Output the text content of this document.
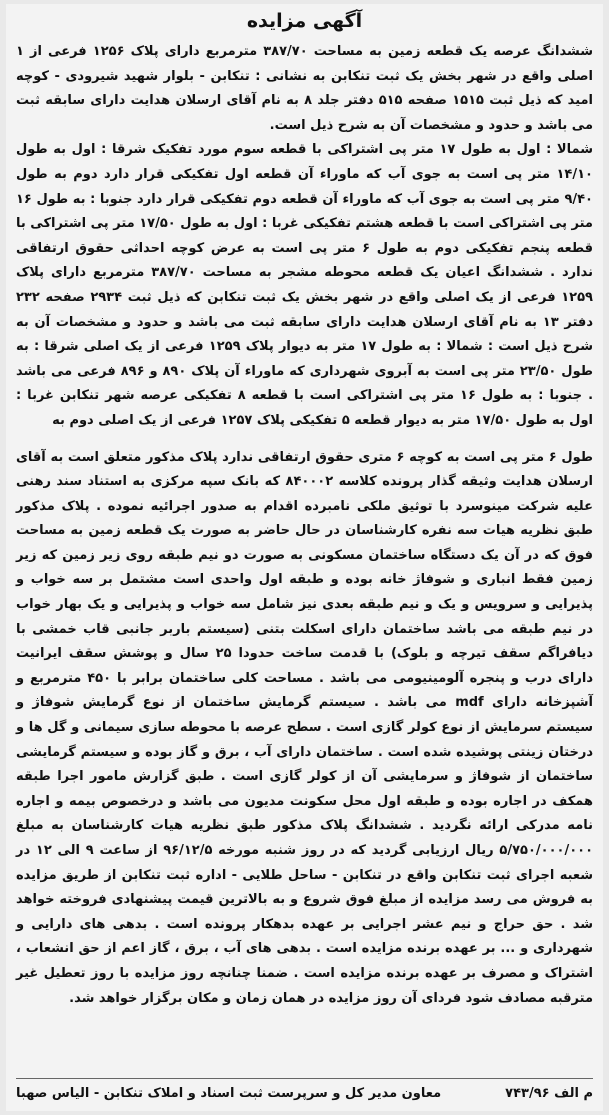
آگهی مزایده

ششدانگ عرصه یک قطعه زمین به مساحت ۳۸۷/۷۰ مترمربع دارای پلاک ۱۲۵۶ فرعی از ۱ اصلی واقع در شهر بخش یک ثبت تنکابن به نشانی : تنکابن - بلوار شهید شیرودی - کوچه امید که ذیل ثبت ۱۵۱۵ صفحه ۵۱۵ دفتر جلد ۸ به نام آقای ارسلان هدایت دارای سابقه ثبت می باشد و حدود و مشخصات آن به شرح ذیل است.

شمالا : اول به طول ۱۷ متر پی اشتراکی با قطعه سوم مورد تفکیک شرقا : اول به طول ۱۴/۱۰ متر پی است به جوی آب که ماوراء آن قطعه اول تفکیکی قرار دارد دوم به طول ۹/۴۰ متر پی است به جوی آب که ماوراء آن قطعه دوم تفکیکی قرار دارد جنوبا : به طول ۱۶ متر پی اشتراکی است با قطعه هشتم تفکیکی غربا : اول به طول ۱۷/۵۰ متر پی اشتراکی با قطعه پنجم تفکیکی دوم به طول ۶ متر پی است به عرض کوچه احداثی حقوق ارتفاقی ندارد . ششدانگ اعیان یک قطعه محوطه مشجر به مساحت ۳۸۷/۷۰ مترمربع دارای پلاک ۱۲۵۹ فرعی از یک اصلی واقع در شهر بخش یک ثبت تنکابن که ذیل ثبت ۲۹۳۴ صفحه ۲۳۲ دفتر ۱۳ به نام آقای ارسلان هدایت دارای سابقه ثبت می باشد و حدود و مشخصات آن به شرح ذیل است : شمالا : به طول ۱۷ متر به دیوار پلاک ۱۲۵۹ فرعی از یک اصلی شرقا : به طول ۲۳/۵۰ متر پی است به آبروی شهرداری که ماوراء آن پلاک ۸۹۰ و ۸۹۶ فرعی می باشد . جنوبا : به طول ۱۶ متر پی اشتراکی است با قطعه ۸ تفکیکی عرصه شهر تنکابن غربا : اول به طول ۱۷/۵۰ متر به دیوار قطعه ۵ تفکیکی پلاک ۱۲۵۷ فرعی از یک اصلی دوم به

طول ۶ متر پی است به کوچه ۶ متری حقوق ارتفاقی ندارد پلاک مذکور متعلق است به آقای ارسلان هدایت وثیقه گذار پرونده کلاسه ۸۴۰۰۰۲ که بانک سپه مرکزی به استناد سند رهنی علیه شرکت مینوسرد با توثیق ملکی نامبرده اقدام به صدور اجرائیه نموده . پلاک مذکور طبق نظریه هیات سه نفره کارشناسان در حال حاضر به صورت یک قطعه زمین به مساحت فوق که در آن یک دستگاه ساختمان مسکونی به صورت دو نیم طبقه روی زیر زمین که زیر زمین فقط انباری و شوفاژ خانه بوده و طبقه اول واحدی است مشتمل بر سه خواب و پذیرایی و سرویس و یک و نیم طبقه بعدی نیز شامل سه خواب و پذیرایی و یک بهار خواب در نیم طبقه می باشد ساختمان دارای اسکلت بتنی (سیستم باربر جانبی قاب خمشی با دیافراگم سقف تیرچه و بلوک) با قدمت ساخت حدودا ۲۵ سال و پوشش سقف ایرانیت دارای درب و پنجره آلومینیومی می باشد . مساحت کلی ساختمان برابر با ۴۵۰ مترمربع و آشپزخانه دارای mdf می باشد . سیستم گرمایش ساختمان از نوع گرمایش شوفاژ و سیستم سرمایش از نوع کولر گازی است . سطح عرصه با محوطه سازی سیمانی و گل ها و درختان زینتی پوشیده شده است . ساختمان دارای آب ، برق و گاز بوده و سیستم گرمایشی ساختمان از شوفاژ و سرمایشی آن از کولر گازی است . طبق گزارش مامور اجرا طبقه همکف در اجاره بوده و طبقه اول محل سکونت مدیون می باشد و درخصوص بیمه و اجاره نامه مدرکی ارائه نگردید . ششدانگ پلاک مذکور طبق نظریه هیات کارشناسان به مبلغ ۵/۷۵۰/۰۰۰/۰۰۰ ریال ارزیابی گردید که در روز شنبه مورخه ۹۶/۱۲/۵ از ساعت ۹ الی ۱۲ در شعبه اجرای ثبت تنکابن واقع در تنکابن - ساحل طلایی - اداره ثبت تنکابن از طریق مزایده به فروش می رسد مزایده از مبلغ فوق شروع و به بالاترین قیمت پیشنهادی فروخته خواهد شد . حق حراج و نیم عشر اجرایی بر عهده بدهکار پرونده است . بدهی های دارایی و شهرداری و ... بر عهده برنده مزایده است . بدهی های آب ، برق ، گاز اعم از حق انشعاب ، اشتراک و مصرف بر عهده برنده مزایده است . ضمنا چنانچه روز مزایده با روز تعطیل غیر مترقبه مصادف شود فردای آن روز مزایده در همان زمان و مکان برگزار خواهد شد.

م الف ۷۴۳/۹۶
معاون مدیر کل و سرپرست ثبت اسناد و املاک تنکابن - الیاس صهبا
